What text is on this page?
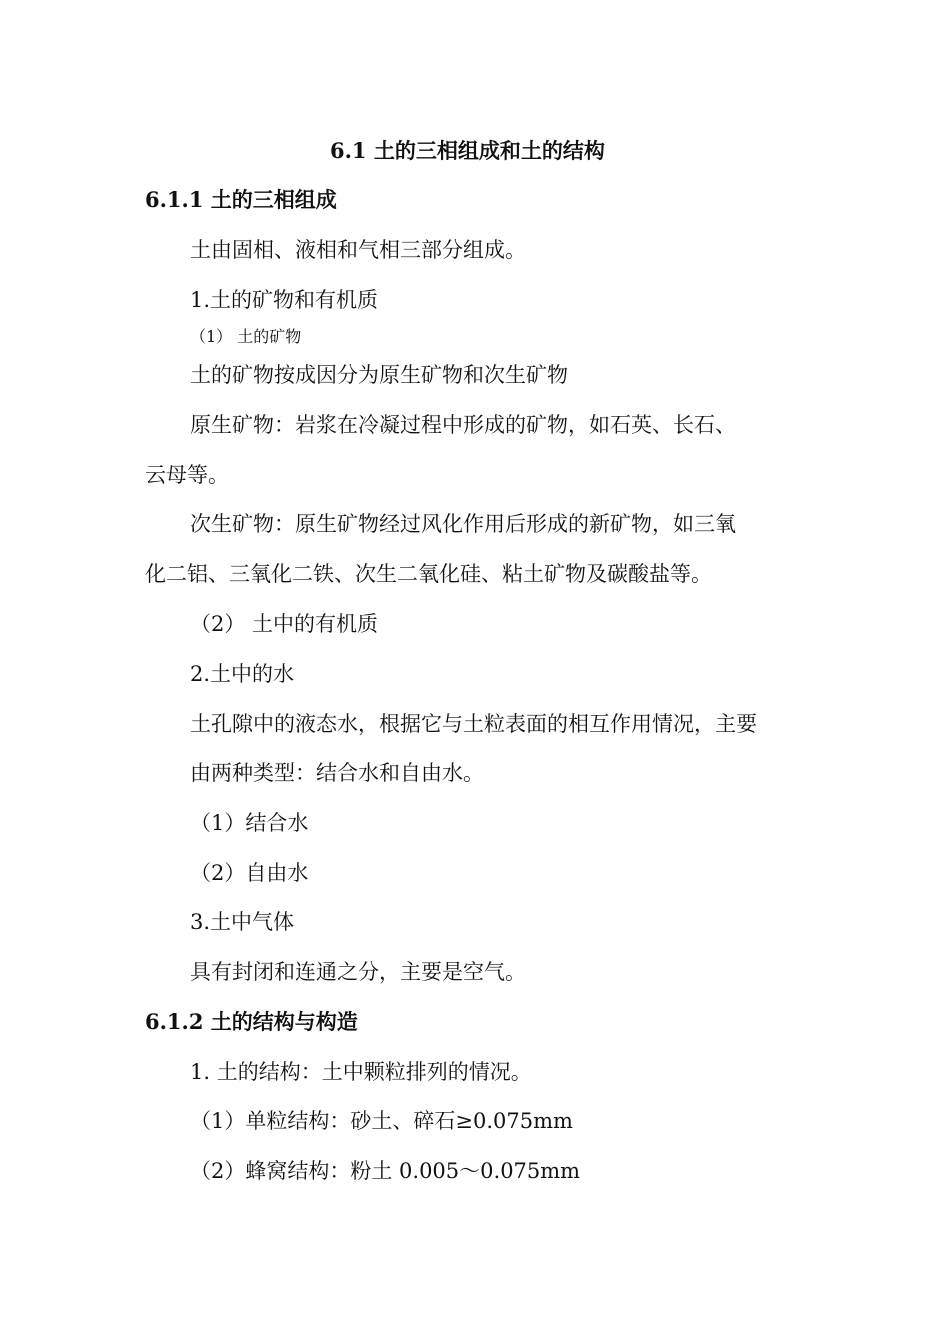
6.1 土的三相组成和土的结构
6.1.1 土的三相组成
土由固相、液相和气相三部分组成。
1.土的矿物和有机质
（1） 土的矿物
土的矿物按成因分为原生矿物和次生矿物
原生矿物：岩浆在冷凝过程中形成的矿物，如石英、长石、
云母等。
次生矿物：原生矿物经过风化作用后形成的新矿物，如三氧
化二铝、三氧化二铁、次生二氧化硅、粘土矿物及碳酸盐等。
（2） 土中的有机质
2.土中的水
土孔隙中的液态水，根据它与土粒表面的相互作用情况，主要
由两种类型：结合水和自由水。
（1）结合水
（2）自由水
3.土中气体
具有封闭和连通之分，主要是空气。
6.1.2 土的结构与构造
1. 土的结构：土中颗粒排列的情况。
（1）单粒结构：砂土、碎石≥0.075mm
（2）蜂窝结构：粉土 0.005～0.075mm
